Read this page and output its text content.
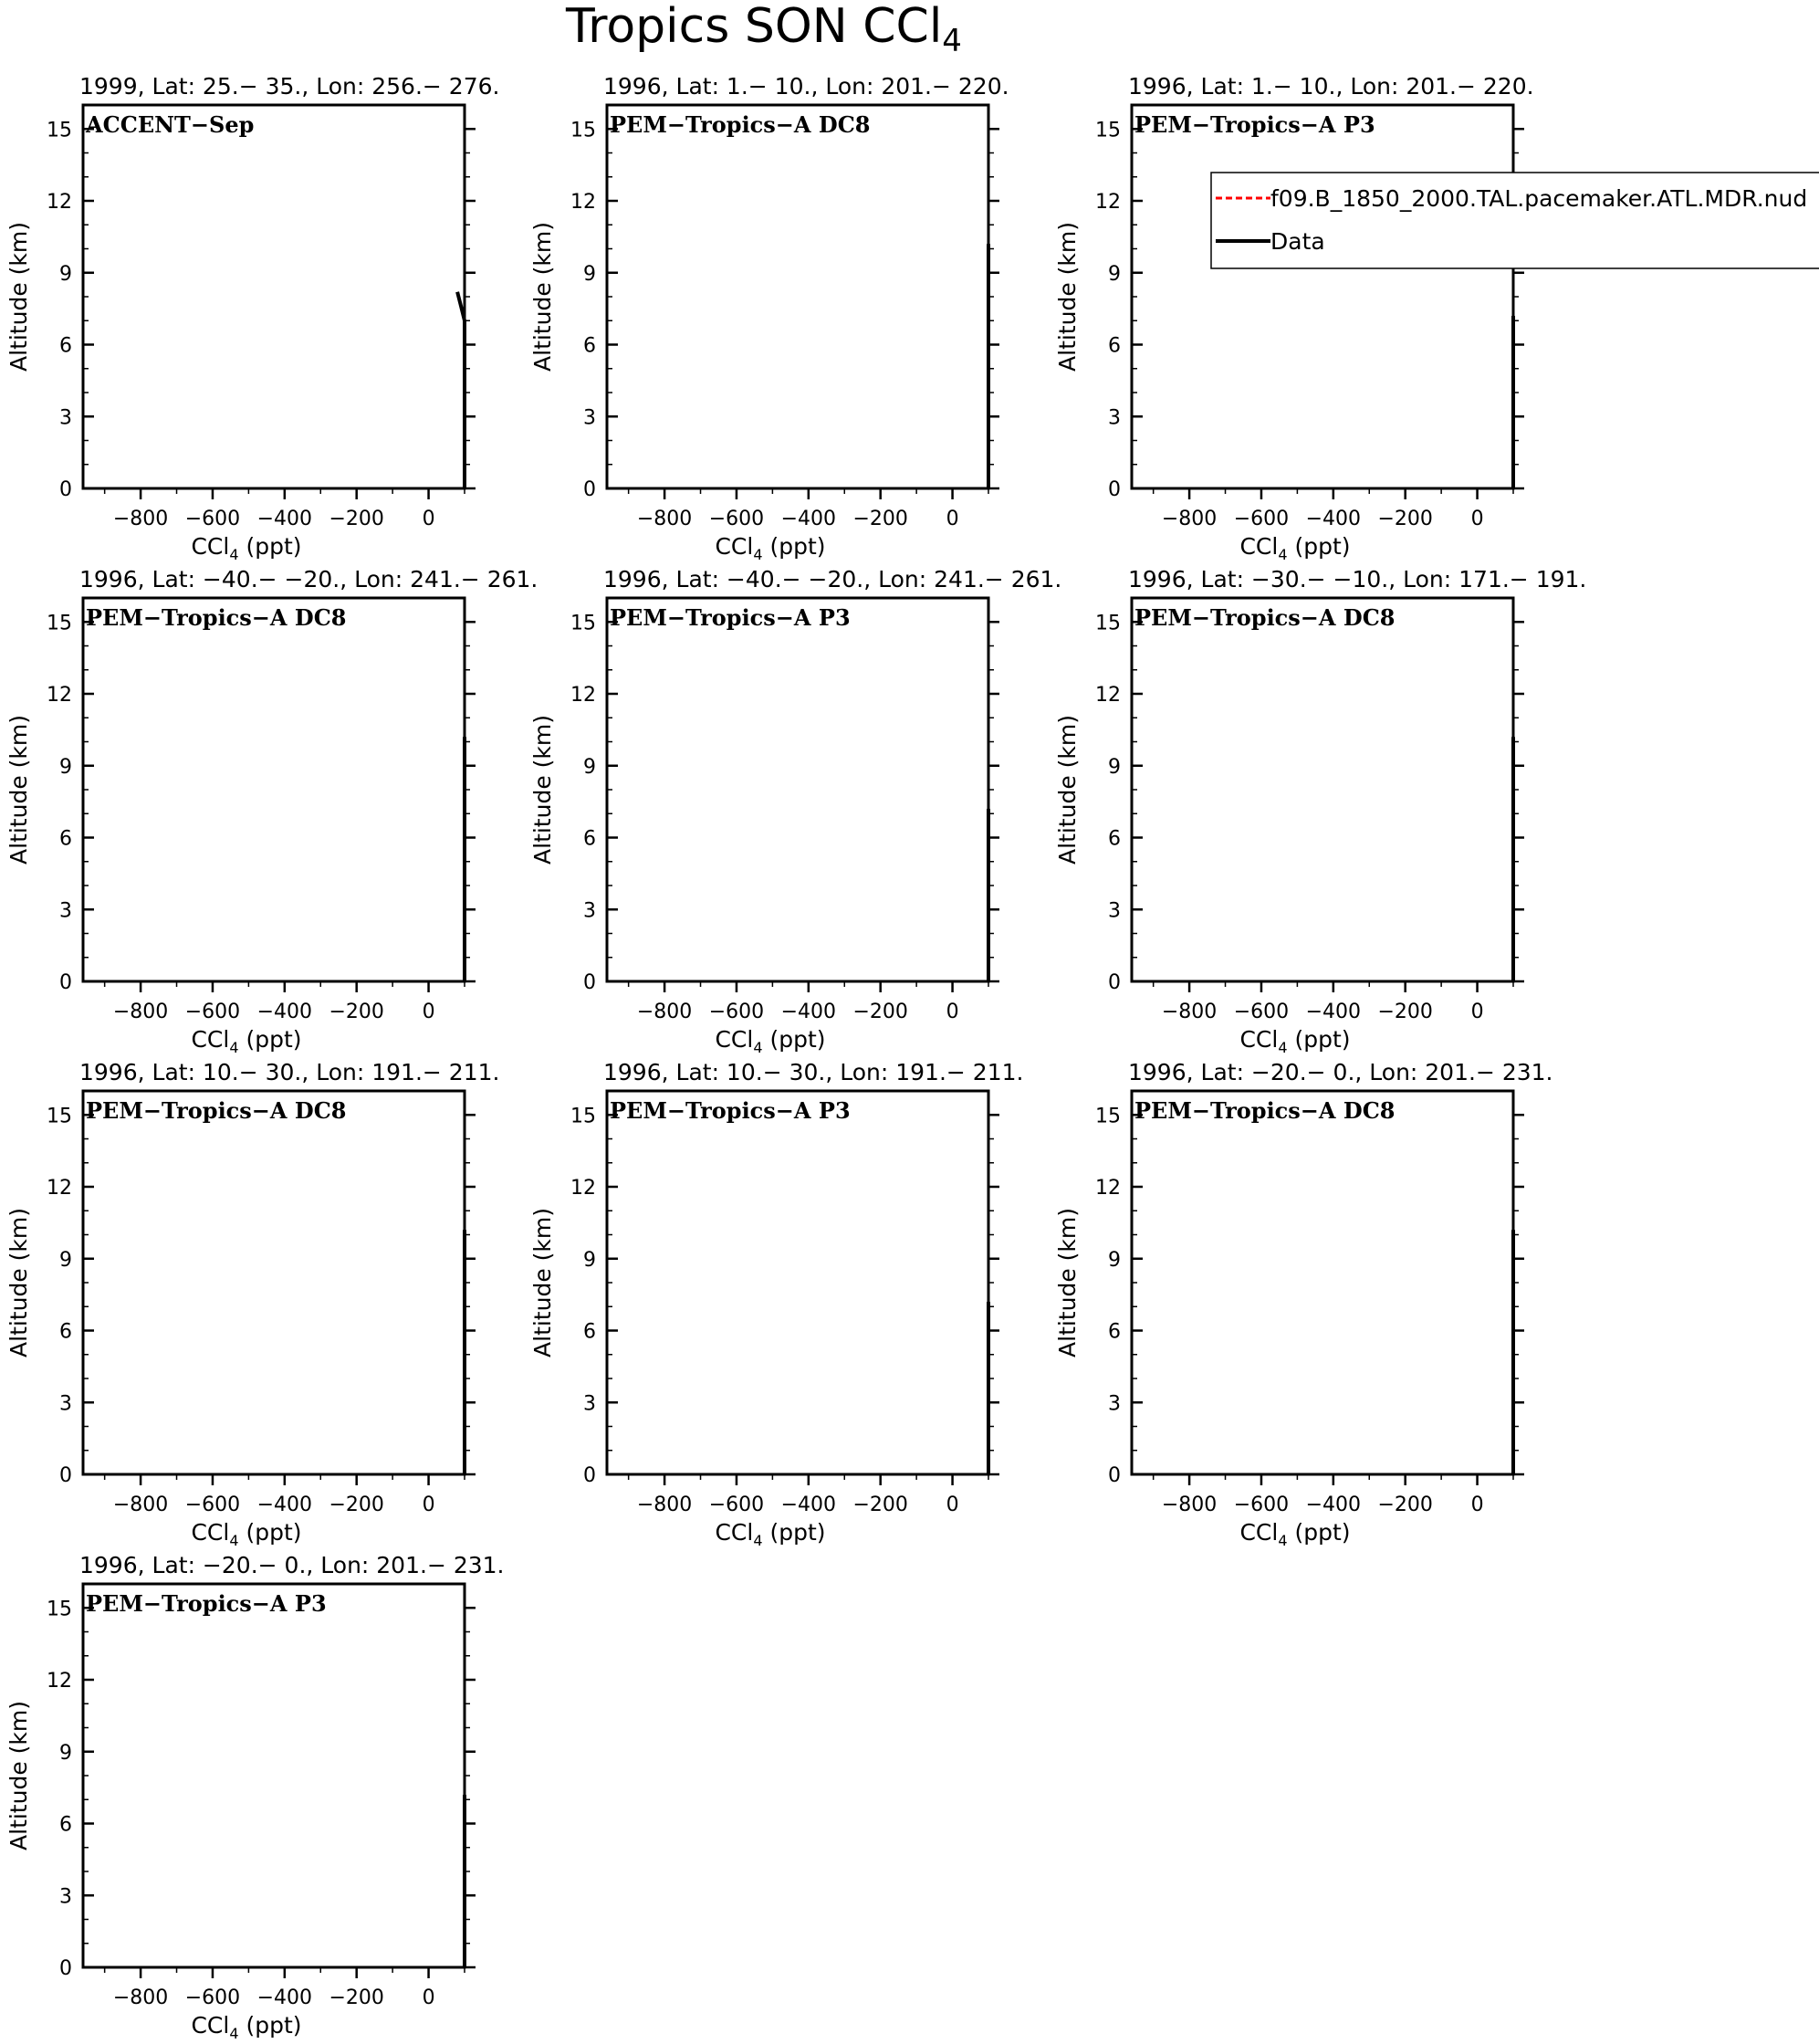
Tropics SON CCl4
0
3
6
9
12
15
−800 −600 −400 −200 0
CCl$_4$ (ppt)
Altitude (km)
1999, Lat: 25.− 35., Lon: 256.− 276.
ACCENT−Sep
0
3
6
9
12
15
−800 −600 −400 −200 0
CCl$_4$ (ppt)
Altitude (km)
1996, Lat: 1.− 10., Lon: 201.− 220.
PEM−Tropics−A DC8
0
3
6
9
12
15
−800 −600 −400 −200 0
CCl$_4$ (ppt)
Altitude (km)
1996, Lat: 1.− 10., Lon: 201.− 220.
PEM−Tropics−A P3
0
3
6
9
12
15
−800 −600 −400 −200 0
CCl$_4$ (ppt)
Altitude (km)
1996, Lat: −40.− −20., Lon: 241.− 261.
PEM−Tropics−A DC8
0
3
6
9
12
15
−800 −600 −400 −200 0
CCl$_4$ (ppt)
Altitude (km)
1996, Lat: −40.− −20., Lon: 241.− 261.
PEM−Tropics−A P3
0
3
6
9
12
15
−800 −600 −400 −200 0
CCl$_4$ (ppt)
Altitude (km)
1996, Lat: −30.− −10., Lon: 171.− 191.
PEM−Tropics−A DC8
0
3
6
9
12
15
−800 −600 −400 −200 0
CCl$_4$ (ppt)
Altitude (km)
1996, Lat: 10.− 30., Lon: 191.− 211.
PEM−Tropics−A DC8
0
3
6
9
12
15
−800 −600 −400 −200 0
CCl$_4$ (ppt)
Altitude (km)
1996, Lat: 10.− 30., Lon: 191.− 211.
PEM−Tropics−A P3
0
3
6
9
12
15
−800 −600 −400 −200 0
CCl$_4$ (ppt)
Altitude (km)
1996, Lat: −20.− 0., Lon: 201.− 231.
PEM−Tropics−A DC8
0
3
6
9
12
15
−800 −600 −400 −200 0
CCl$_4$ (ppt)
Altitude (km)
1996, Lat: −20.− 0., Lon: 201.− 231.
PEM−Tropics−A P3
f09.B_1850_2000.TAL.pacemaker.ATL.MDR.nud
Data
